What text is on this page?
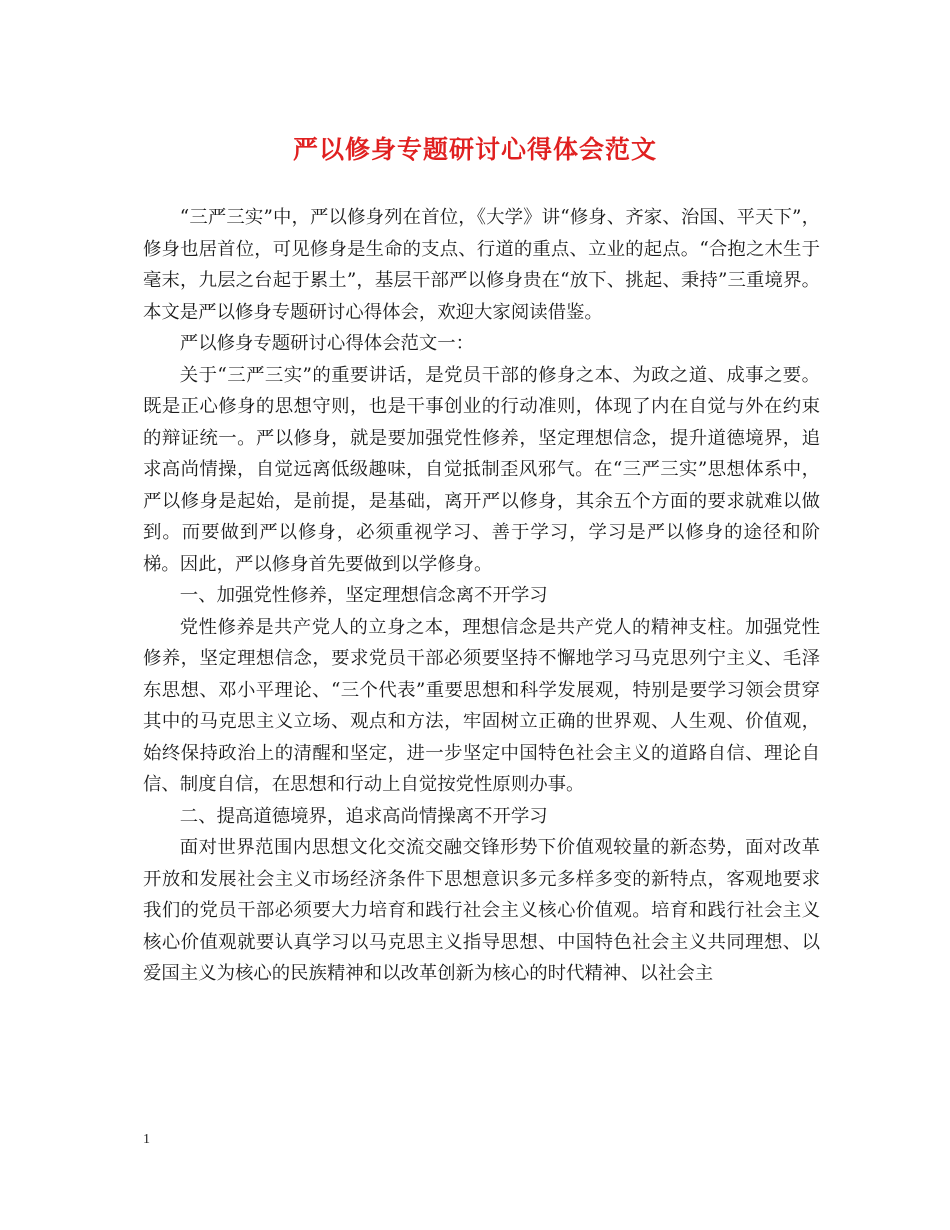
严以修身专题研讨心得体会范文

“三严三实”中，严以修身列在首位，《大学》讲“修身、齐家、治国、平天下”，修身也居首位，可见修身是生命的支点、行道的重点、立业的起点。“合抱之木生于毫末，九层之台起于累土”，基层干部严以修身贵在“放下、挑起、秉持”三重境界。本文是严以修身专题研讨心得体会，欢迎大家阅读借鉴。

严以修身专题研讨心得体会范文一：

关于“三严三实”的重要讲话，是党员干部的修身之本、为政之道、成事之要。既是正心修身的思想守则，也是干事创业的行动准则，体现了内在自觉与外在约束的辩证统一。严以修身，就是要加强党性修养，坚定理想信念，提升道德境界，追求高尚情操，自觉远离低级趣味，自觉抵制歪风邪气。在“三严三实”思想体系中，严以修身是起始，是前提，是基础，离开严以修身，其余五个方面的要求就难以做到。而要做到严以修身，必须重视学习、善于学习，学习是严以修身的途径和阶梯。因此，严以修身首先要做到以学修身。

一、加强党性修养，坚定理想信念离不开学习

党性修养是共产党人的立身之本，理想信念是共产党人的精神支柱。加强党性修养，坚定理想信念，要求党员干部必须要坚持不懈地学习马克思列宁主义、毛泽东思想、邓小平理论、“三个代表”重要思想和科学发展观，特别是要学习领会贯穿其中的马克思主义立场、观点和方法，牢固树立正确的世界观、人生观、价值观，始终保持政治上的清醒和坚定，进一步坚定中国特色社会主义的道路自信、理论自信、制度自信，在思想和行动上自觉按党性原则办事。

二、提高道德境界，追求高尚情操离不开学习

面对世界范围内思想文化交流交融交锋形势下价值观较量的新态势，面对改革开放和发展社会主义市场经济条件下思想意识多元多样多变的新特点，客观地要求我们的党员干部必须要大力培育和践行社会主义核心价值观。培育和践行社会主义核心价值观就要认真学习以马克思主义指导思想、中国特色社会主义共同理想、以爱国主义为核心的民族精神和以改革创新为核心的时代精神、以社会主

1
